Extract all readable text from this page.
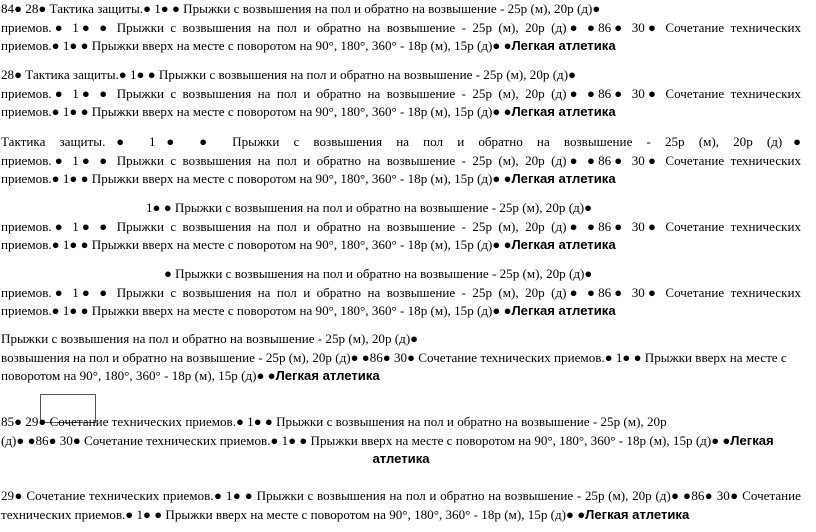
84● 28● Тактика защиты.● 1● ● Прыжки с возвышения на пол и обратно на возвышение - 25р (м), 20р (д)●
приемов.● 1● ● Прыжки с возвышения на пол и обратно на возвышение - 25р (м), 20р (д)● ●86● 30● Сочетание технических
приемов.● 1● ● Прыжки вверх на месте с поворотом на 90°, 180°, 360° - 18р (м), 15р (д)● ●Легкая атлетика
28● Тактика защиты.● 1● ● Прыжки с возвышения на пол и обратно на возвышение - 25р (м), 20р (д)●
приемов.● 1● ● Прыжки с возвышения на пол и обратно на возвышение - 25р (м), 20р (д)● ●86● 30● Сочетание технических
приемов.● 1● ● Прыжки вверх на месте с поворотом на 90°, 180°, 360° - 18р (м), 15р (д)● ●Легкая атлетика
Тактика защиты.● 1● ● Прыжки с возвышения на пол и обратно на возвышение - 25р (м), 20р (д)●
приемов.● 1● ● Прыжки с возвышения на пол и обратно на возвышение - 25р (м), 20р (д)● ●86● 30● Сочетание технических
приемов.● 1● ● Прыжки вверх на месте с поворотом на 90°, 180°, 360° - 18р (м), 15р (д)● ●Легкая атлетика
1● ● Прыжки с возвышения на пол и обратно на возвышение - 25р (м), 20р (д)●
приемов.● 1● ● Прыжки с возвышения на пол и обратно на возвышение - 25р (м), 20р (д)● ●86● 30● Сочетание технических
приемов.● 1● ● Прыжки вверх на месте с поворотом на 90°, 180°, 360° - 18р (м), 15р (д)● ●Легкая атлетика
● Прыжки с возвышения на пол и обратно на возвышение - 25р (м), 20р (д)●
приемов.● 1● ● Прыжки с возвышения на пол и обратно на возвышение - 25р (м), 20р (д)● ●86● 30● Сочетание технических
приемов.● 1● ● Прыжки вверх на месте с поворотом на 90°, 180°, 360° - 18р (м), 15р (д)● ●Легкая атлетика
Прыжки с возвышения на пол и обратно на возвышение - 25р (м), 20р (д)●
возвышения на пол и обратно на возвышение - 25р (м), 20р (д)● ●86● 30● Сочетание технических приемов.● 1● ● Прыжки вверх на месте с
поворотом на 90°, 180°, 360° - 18р (м), 15р (д)● ●Легкая атлетика
85● 29● Сочетание технических приемов.● 1● ● Прыжки с возвышения на пол и обратно на возвышение - 25р (м), 20р
(д)● ●86● 30● Сочетание технических приемов.● 1● ● Прыжки вверх на месте с поворотом на 90°, 180°, 360° - 18р (м), 15р (д)● ●Легкая
атлетика
29● Сочетание технических приемов.● 1● ● Прыжки с возвышения на пол и обратно на возвышение - 25р (м), 20р (д)● ●86● 30● Сочетание
технических приемов.● 1● ● Прыжки вверх на месте с поворотом на 90°, 180°, 360° - 18р (м), 15р (д)● ●Легкая атлетика
